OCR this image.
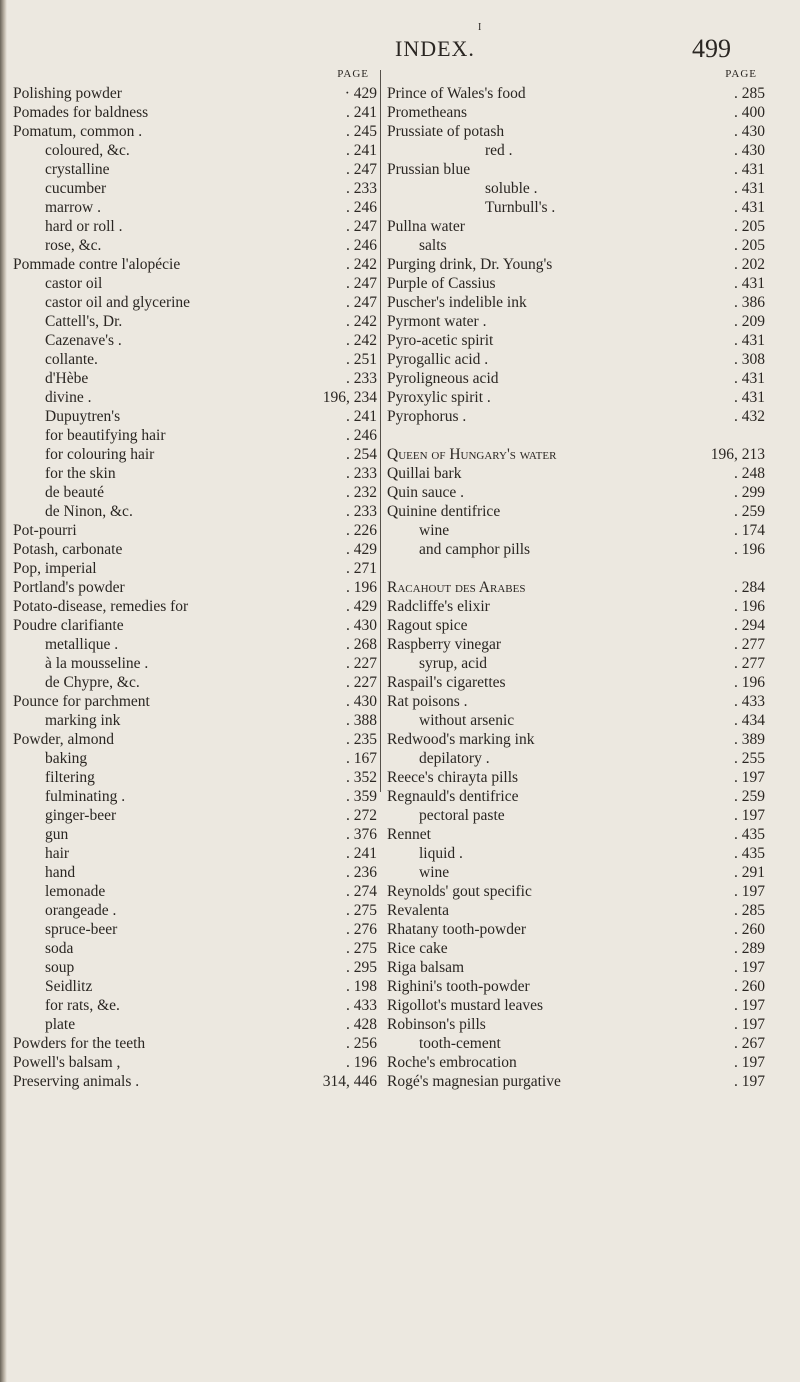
I
INDEX.	499
PAGE
Polishing powder	· 429
Pomades for baldness	. 241
Pomatum, common .	. 245
coloured, &c.	. 241
crystalline	. 247
cucumber	. 233
marrow .	. 246
hard or roll .	. 247
rose, &c.	. 246
Pommade contre l'alopécie	. 242
castor oil	. 247
castor oil and glycerine	. 247
Cattell's, Dr.	. 242
Cazenave's .	. 242
collante.	. 251
d'Hèbe	. 233
divine .	196, 234
Dupuytren's	. 241
for beautifying hair	. 246
for colouring hair	. 254
for the skin	. 233
de beauté	. 232
de Ninon, &c.	. 233
Pot-pourri	. 226
Potash, carbonate	. 429
Pop, imperial	. 271
Portland's powder	. 196
Potato-disease, remedies for	. 429
Poudre clarifiante	. 430
metallique .	. 268
à la mousseline .	. 227
de Chypre, &c.	. 227
Pounce for parchment	. 430
marking ink	. 388
Powder, almond	. 235
baking	. 167
filtering	. 352
fulminating .	. 359
ginger-beer	. 272
gun	. 376
hair	. 241
hand	. 236
lemonade	. 274
orangeade .	. 275
spruce-beer	. 276
soda	. 275
soup	. 295
Seidlitz	. 198
for rats, &e.	. 433
plate	. 428
Powders for the teeth	. 256
Powell's balsam ,	. 196
Preserving animals .	314, 446
PAGE
Prince of Wales's food	. 285
Prometheans	. 400
Prussiate of potash	. 430
red .	. 430
Prussian blue	. 431
soluble .	. 431
Turnbull's .	. 431
Pullna water	. 205
salts	. 205
Purging drink, Dr. Young's	. 202
Purple of Cassius	. 431
Puscher's indelible ink	. 386
Pyrmont water .	. 209
Pyro-acetic spirit	. 431
Pyrogallic acid .	. 308
Pyroligneous acid	. 431
Pyroxylic spirit .	. 431
Pyrophorus .	. 432
Queen of Hungary's water	196, 213
Quillai bark	. 248
Quin sauce .	. 299
Quinine dentifrice	. 259
wine	. 174
and camphor pills	. 196
Racahout des Arabes	. 284
Radcliffe's elixir	. 196
Ragout spice	. 294
Raspberry vinegar	. 277
syrup, acid	. 277
Raspail's cigarettes	. 196
Rat poisons .	. 433
without arsenic	. 434
Redwood's marking ink	. 389
depilatory .	. 255
Reece's chirayta pills	. 197
Regnauld's dentifrice	. 259
pectoral paste	. 197
Rennet	. 435
liquid .	. 435
wine	. 291
Reynolds' gout specific	. 197
Revalenta	. 285
Rhatany tooth-powder	. 260
Rice cake	. 289
Riga balsam	. 197
Righini's tooth-powder	. 260
Rigollot's mustard leaves	. 197
Robinson's pills	. 197
tooth-cement	. 267
Roche's embrocation	. 197
Rogé's magnesian purgative	. 197
